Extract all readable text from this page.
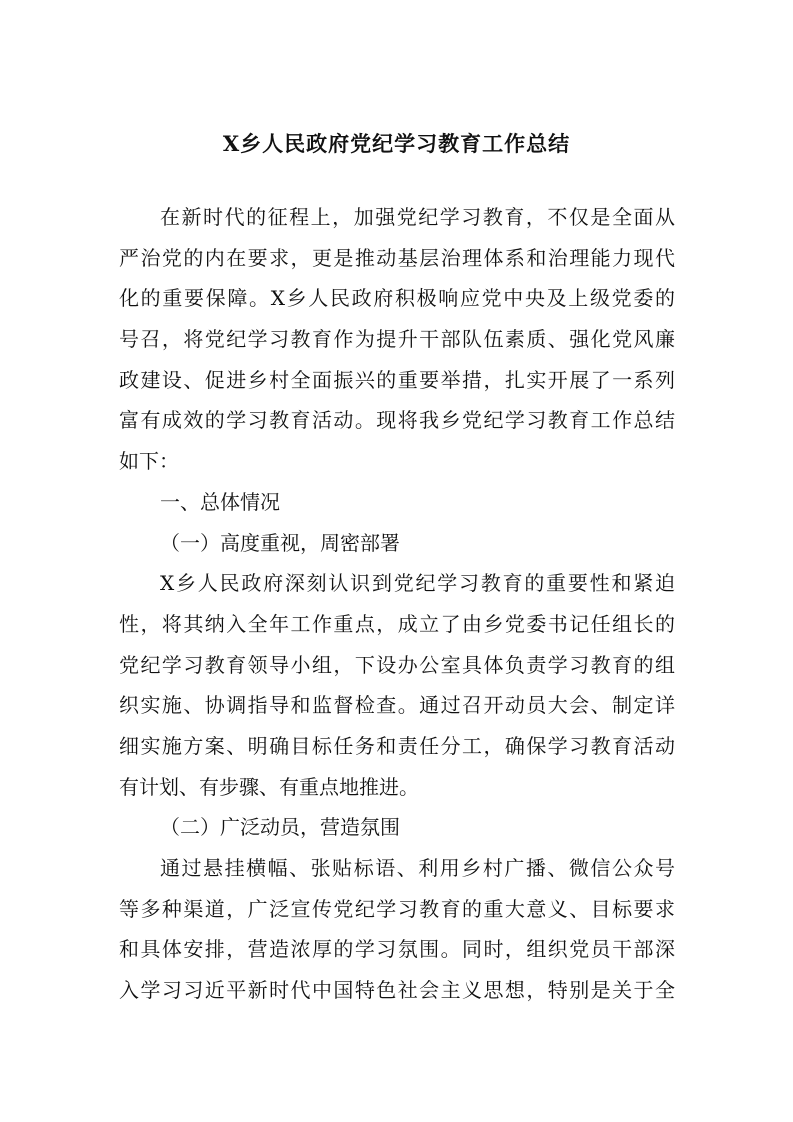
X乡人民政府党纪学习教育工作总结
在新时代的征程上，加强党纪学习教育，不仅是全面从
严治党的内在要求，更是推动基层治理体系和治理能力现代
化的重要保障。X乡人民政府积极响应党中央及上级党委的
号召，将党纪学习教育作为提升干部队伍素质、强化党风廉
政建设、促进乡村全面振兴的重要举措，扎实开展了一系列
富有成效的学习教育活动。现将我乡党纪学习教育工作总结
如下：
一、总体情况
（一）高度重视，周密部署
X乡人民政府深刻认识到党纪学习教育的重要性和紧迫
性，将其纳入全年工作重点，成立了由乡党委书记任组长的
党纪学习教育领导小组，下设办公室具体负责学习教育的组
织实施、协调指导和监督检查。通过召开动员大会、制定详
细实施方案、明确目标任务和责任分工，确保学习教育活动
有计划、有步骤、有重点地推进。
（二）广泛动员，营造氛围
通过悬挂横幅、张贴标语、利用乡村广播、微信公众号
等多种渠道，广泛宣传党纪学习教育的重大意义、目标要求
和具体安排，营造浓厚的学习氛围。同时，组织党员干部深
入学习习近平新时代中国特色社会主义思想，特别是关于全
